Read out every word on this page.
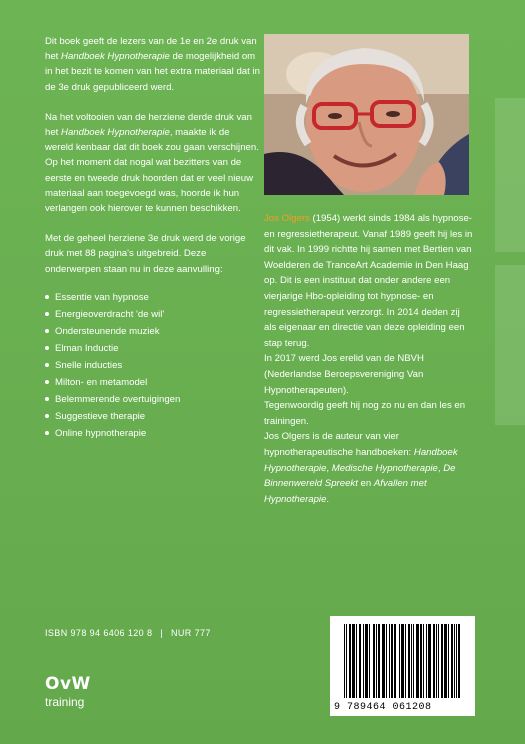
Dit boek geeft de lezers van de 1e en 2e druk van het Handboek Hypnotherapie de mogelijkheid om in het bezit te komen van het extra materiaal dat in de 3e druk gepubliceerd werd.

Na het voltooien van de herziene derde druk van het Handboek Hypnotherapie, maakte ik de wereld kenbaar dat dit boek zou gaan verschijnen. Op het moment dat nogal wat bezitters van de eerste en tweede druk hoorden dat er veel nieuw materiaal aan toegevoegd was, hoorde ik hun verlangen ook hierover te kunnen beschikken.

Met de geheel herziene 3e druk werd de vorige druk met 88 pagina's uitgebreid. Deze onderwerpen staan nu in deze aanvulling:

Essentie van hypnose
Energieoverdracht 'de wil'
Ondersteunende muziek
Elman Inductie
Snelle inducties
Milton- en metamodel
Belemmerende overtuigingen
Suggestieve therapie
Online hypnotherapie

Jos Olgers (1954) werkt sinds 1984 als hypnose- en regressietherapeut. Vanaf 1989 geeft hij les in dit vak. In 1999 richtte hij samen met Bertien van Woelderen de TranceArt Academie in Den Haag op. Dit is een instituut dat onder andere een vierjarige Hbo-opleiding tot hypnose- en regressietherapeut verzorgt. In 2014 deden zij als eigenaar en directie van deze opleiding een stap terug.

In 2017 werd Jos erelid van de NBVH (Nederlandse Beroepsvereniging Van Hypnotherapeuten).

Tegenwoordig geeft hij nog zo nu en dan les en trainingen.

Jos Olgers is de auteur van vier hypnotherapeutische handboeken: Handboek Hypnotherapie, Medische Hypnotherapie, De Binnenwereld Spreekt en Afvallen met Hypnotherapie.

ISBN 978 94 6406 120 8 | NUR 777
OvW
training	9 789464 061208
